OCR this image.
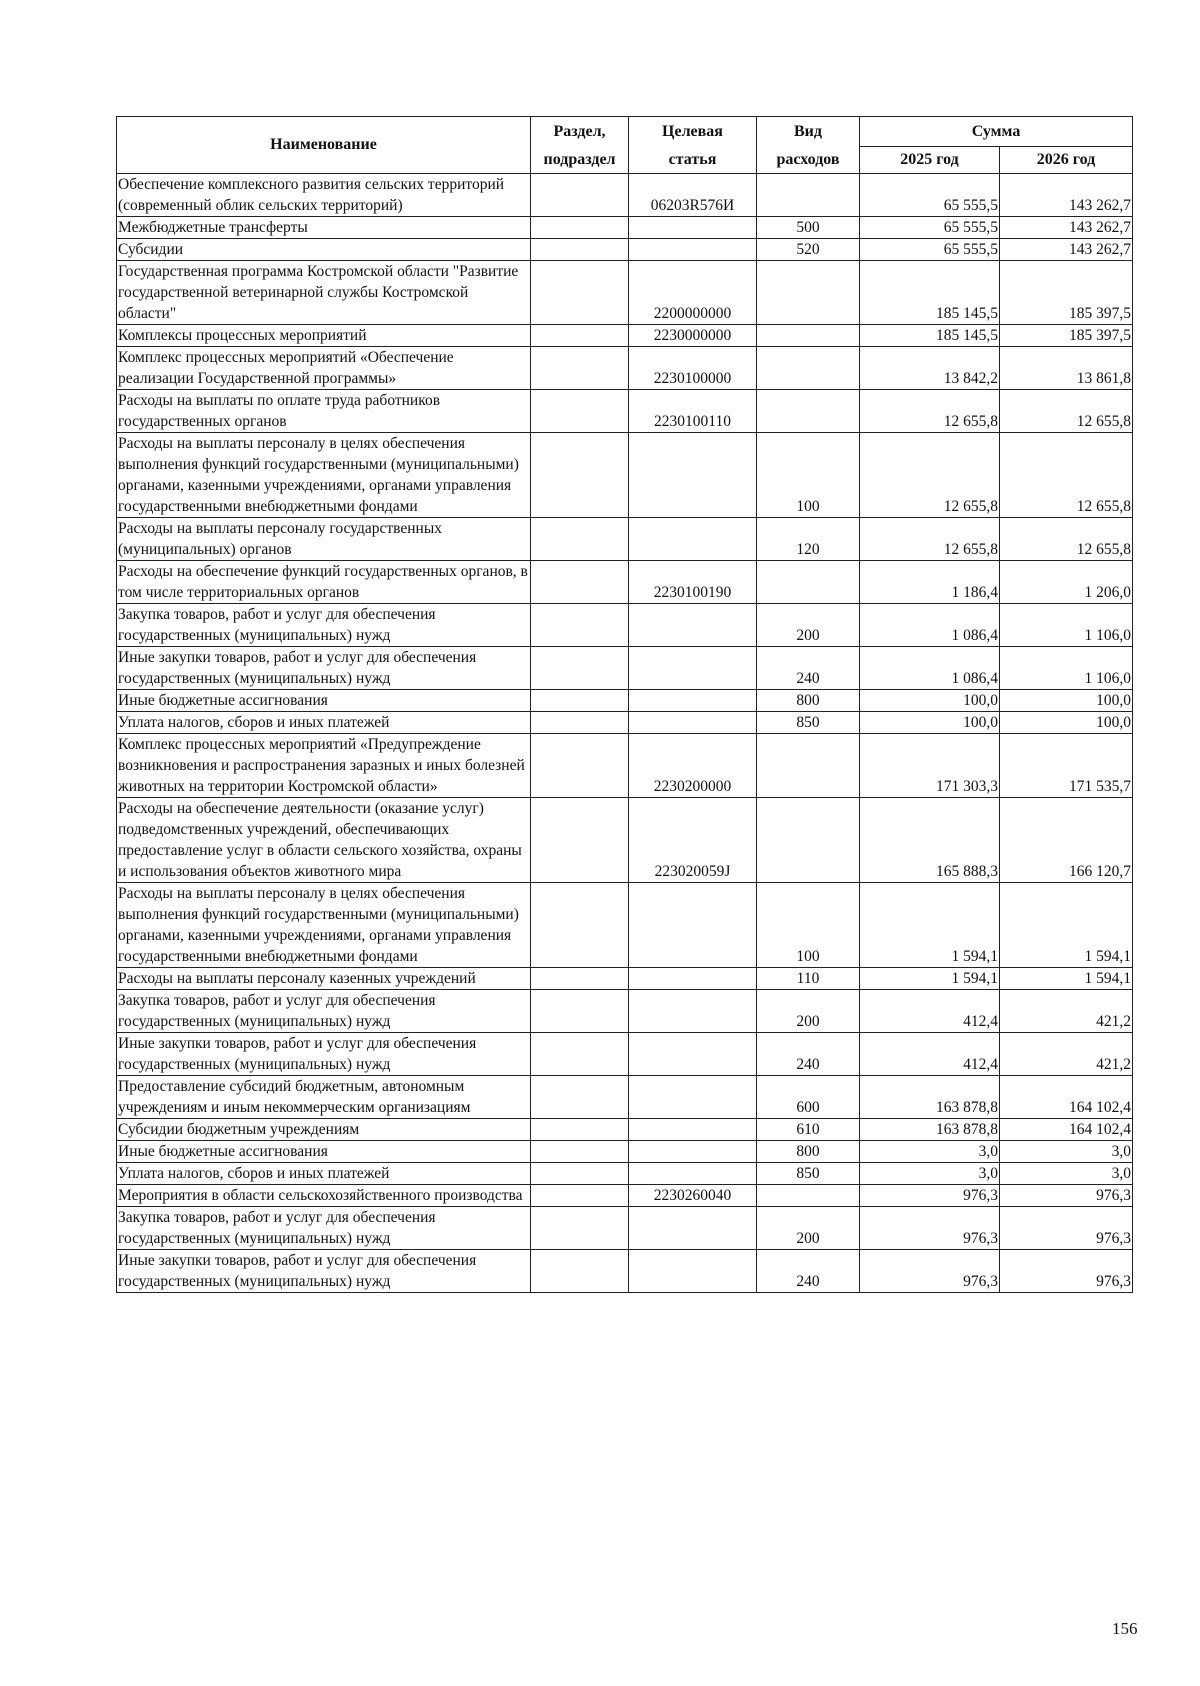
Наименование	Раздел,	Целевая	Вид	Сумма	
	подраздел	статья	расходов	2025 год	2026 год
Обеспечение комплексного развития сельских территорий (современный облик сельских территорий)		06203R576И		65 555,5	143 262,7
Межбюджетные трансферты			500	65 555,5	143 262,7
Субсидии			520	65 555,5	143 262,7
Государственная программа Костромской области "Развитие государственной ветеринарной службы Костромской области"		2200000000		185 145,5	185 397,5
Комплексы процессных мероприятий		2230000000		185 145,5	185 397,5
Комплекс процессных мероприятий «Обеспечение реализации Государственной программы»		2230100000		13 842,2	13 861,8
Расходы на выплаты по оплате труда работников государственных органов		2230100110		12 655,8	12 655,8
Расходы на выплаты персоналу в целях обеспечения выполнения функций государственными (муниципальными) органами, казенными учреждениями, органами управления государственными внебюджетными фондами			100	12 655,8	12 655,8
Расходы на выплаты персоналу государственных (муниципальных) органов			120	12 655,8	12 655,8
Расходы на обеспечение функций государственных органов, в том числе территориальных органов		2230100190		1 186,4	1 206,0
Закупка товаров, работ и услуг для обеспечения государственных (муниципальных) нужд			200	1 086,4	1 106,0
Иные закупки товаров, работ и услуг для обеспечения государственных (муниципальных) нужд			240	1 086,4	1 106,0
Иные бюджетные ассигнования			800	100,0	100,0
Уплата налогов, сборов и иных платежей			850	100,0	100,0
Комплекс процессных мероприятий «Предупреждение возникновения и распространения заразных и иных болезней животных на территории Костромской области»		2230200000		171 303,3	171 535,7
Расходы на обеспечение деятельности (оказание услуг) подведомственных учреждений, обеспечивающих предоставление услуг в области сельского хозяйства, охраны и использования объектов животного мира		223020059J		165 888,3	166 120,7
Расходы на выплаты персоналу в целях обеспечения выполнения функций государственными (муниципальными) органами, казенными учреждениями, органами управления государственными внебюджетными фондами			100	1 594,1	1 594,1
Расходы на выплаты персоналу казенных учреждений			110	1 594,1	1 594,1
Закупка товаров, работ и услуг для обеспечения государственных (муниципальных) нужд			200	412,4	421,2
Иные закупки товаров, работ и услуг для обеспечения государственных (муниципальных) нужд			240	412,4	421,2
Предоставление субсидий бюджетным, автономным учреждениям и иным некоммерческим организациям			600	163 878,8	164 102,4
Субсидии бюджетным учреждениям			610	163 878,8	164 102,4
Иные бюджетные ассигнования			800	3,0	3,0
Уплата налогов, сборов и иных платежей			850	3,0	3,0
Мероприятия в области сельскохозяйственного производства		2230260040		976,3	976,3
Закупка товаров, работ и услуг для обеспечения государственных (муниципальных) нужд			200	976,3	976,3
Иные закупки товаров, работ и услуг для обеспечения государственных (муниципальных) нужд			240	976,3	976,3
156
